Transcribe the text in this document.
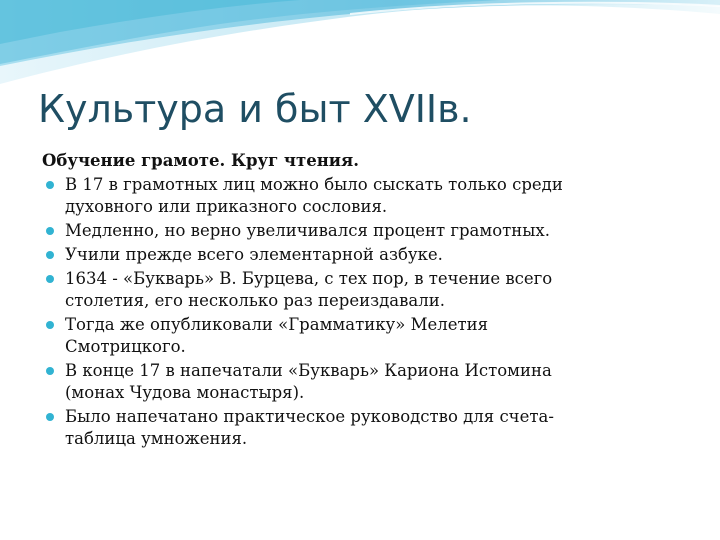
Культура и быт XVIIв.
Обучение грамоте. Круг чтения.
В 17 в грамотных лиц можно было сыскать только среди
духовного или приказного сословия.
Медленно, но верно увеличивался процент грамотных.
Учили прежде всего элементарной азбуке.
1634 - «Букварь» В. Бурцева, с тех пор, в течение всего
столетия, его несколько раз переиздавали.
Тогда же опубликовали «Грамматику» Мелетия
Смотрицкого.
В конце 17 в напечатали «Букварь» Кариона Истомина
(монах Чудова монастыря).
Было напечатано практическое руководство для счета-
таблица умножения.
